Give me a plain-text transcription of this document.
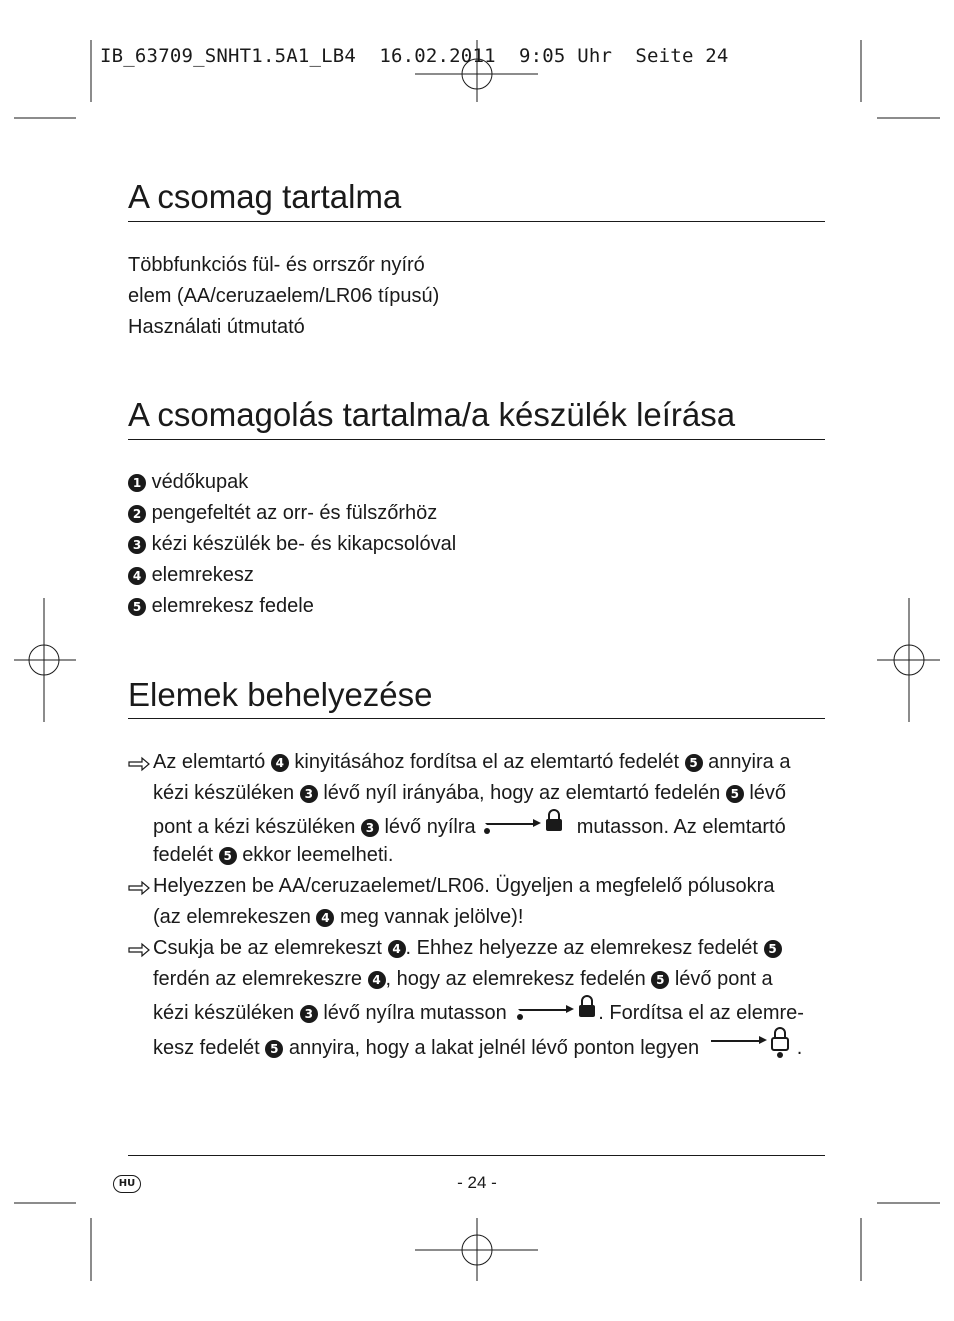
IB_63709_SNHT1.5A1_LB4  16.02.2011  9:05 Uhr  Seite 24
A csomag tartalma
Többfunkciós fül- és orrszőr nyíró
elem (AA/ceruzaelem/LR06 típusú)
Használati útmutató
A csomagolás tartalma/a készülék leírása
1 védőkupak
2 pengefeltét az orr- és fülszőrhöz
3 kézi készülék be- és kikapcsolóval
4 elemrekesz
5 elemrekesz fedele
Elemek behelyezése
Az elemtartó 4 kinyitásához fordítsa el az elemtartó fedelét 5 annyira a
kézi készüléken 3 lévő nyíl irányába, hogy az elemtartó fedelén 5 lévő
pont a kézi készüléken 3 lévő nyílra	mutasson. Az elemtartó
fedelét 5 ekkor leemelheti.
Helyezzen be AA/ceruzaelemet/LR06. Ügyeljen a megfelelő pólusokra
(az elemrekeszen 4 meg vannak jelölve)!
Csukja be az elemrekeszt 4 . Ehhez helyezze az elemrekesz fedelét 5
ferdén az elemrekeszre 4 , hogy az elemrekesz fedelén 5 lévő pont a
kézi készüléken 3 lévő nyílra mutasson	. Fordítsa el az elemre-
kesz fedelét 5 annyira, hogy a lakat jelnél lévő ponton legyen	.
HU	- 24 -
